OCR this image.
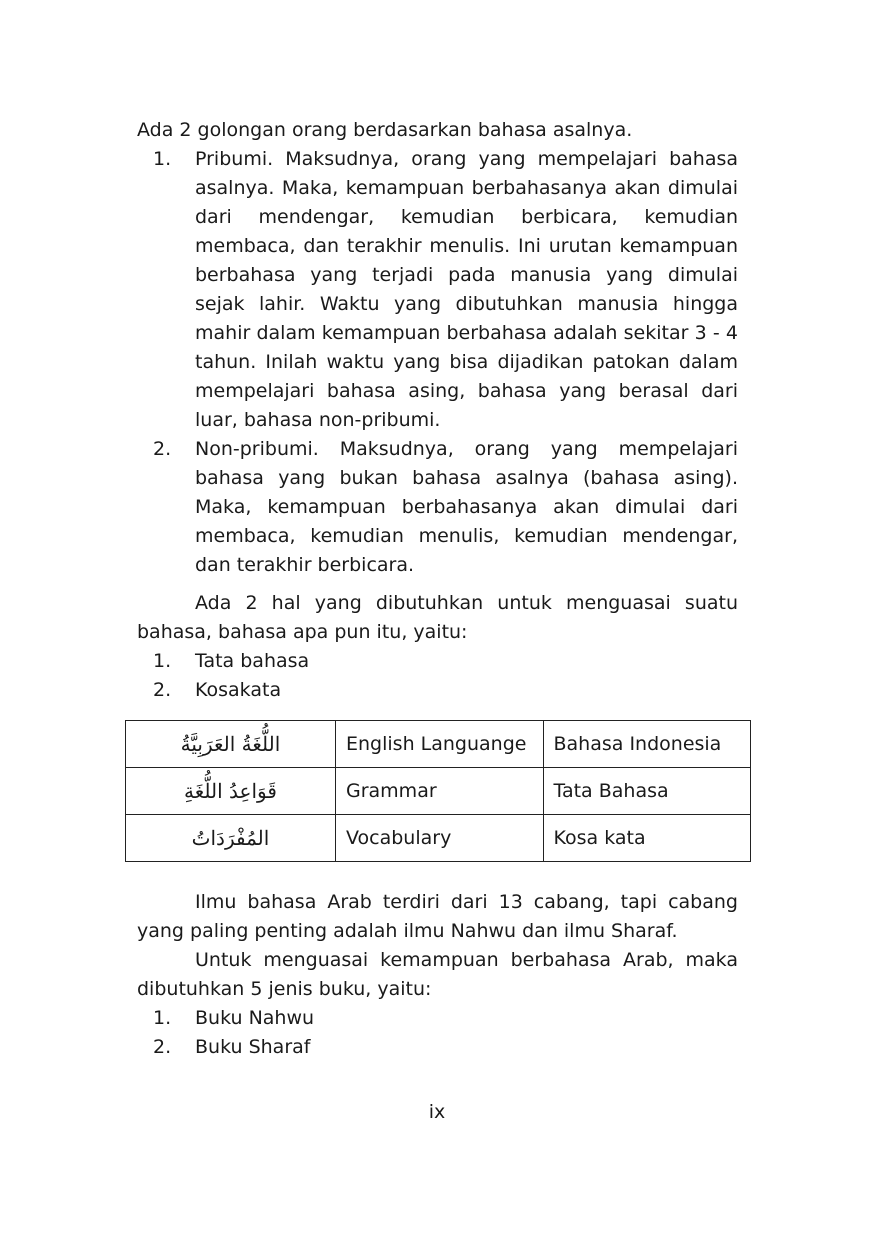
Ada 2 golongan orang berdasarkan bahasa asalnya.

1.	Pribumi. Maksudnya, orang yang mempelajari bahasa asalnya. Maka, kemampuan berbahasanya akan dimulai dari mendengar, kemudian berbicara, kemudian membaca, dan terakhir menulis. Ini urutan kemampuan berbahasa yang terjadi pada manusia yang dimulai sejak lahir. Waktu yang dibutuhkan manusia hingga mahir dalam kemampuan berbahasa adalah sekitar 3 - 4 tahun. Inilah waktu yang bisa dijadikan patokan dalam mempelajari bahasa asing, bahasa yang berasal dari luar, bahasa non-pribumi.
2.	Non-pribumi. Maksudnya, orang yang mempelajari bahasa yang bukan bahasa asalnya (bahasa asing). Maka, kemampuan berbahasanya akan dimulai dari membaca, kemudian menulis, kemudian mendengar, dan terakhir berbicara.

Ada 2 hal yang dibutuhkan untuk menguasai suatu bahasa, bahasa apa pun itu, yaitu:

1.	Tata bahasa
2.	Kosakata
اللُّغَةُ العَرَبِيَّةُ	English Languange	Bahasa Indonesia
قَوَاعِدُ اللُّغَةِ	Grammar	Tata Bahasa
المُفْرَدَاتُ	Vocabulary	Kosa kata

Ilmu bahasa Arab terdiri dari 13 cabang, tapi cabang yang paling penting adalah ilmu Nahwu dan ilmu Sharaf.

Untuk menguasai kemampuan berbahasa Arab, maka dibutuhkan 5 jenis buku, yaitu:

1.	Buku Nahwu
2.	Buku Sharaf
ix
